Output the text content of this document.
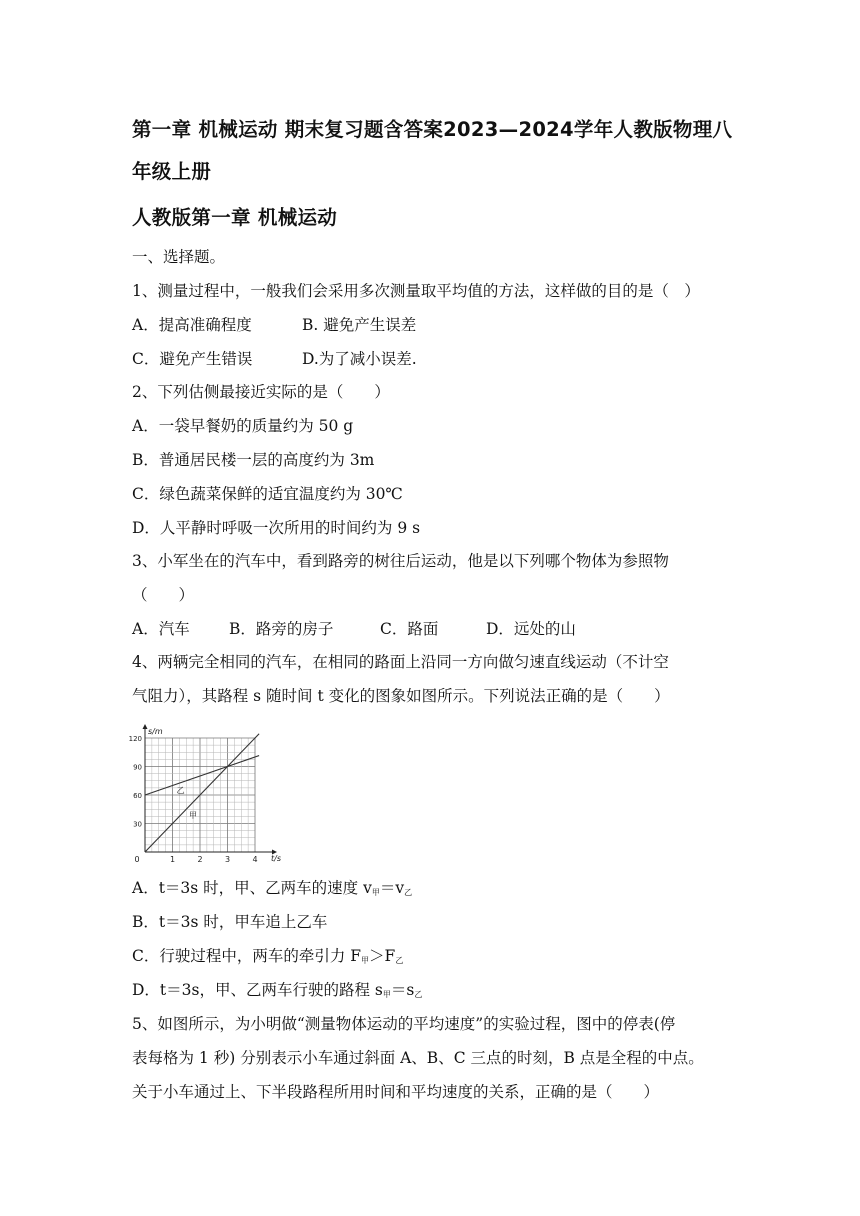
第一章 机械运动 期末复习题含答案2023—2024学年人教版物理八
年级上册
人教版第一章 机械运动
一、选择题。
1、测量过程中，一般我们会采用多次测量取平均值的方法，这样做的目的是（　）
A．提高准确程度	B. 避免产生误差
C．避免产生错误	D.为了减小误差.
2、下列估侧最接近实际的是（　　）
A．一袋早餐奶的质量约为 50 g
B．普通居民楼一层的高度约为 3m
C．绿色蔬菜保鲜的适宜温度约为 30℃
D．人平静时呼吸一次所用的时间约为 9 s
3、小军坐在的汽车中，看到路旁的树往后运动，他是以下列哪个物体为参照物
（　　）
A．汽车	B．路旁的房子	C．路面	D．远处的山
4、两辆完全相同的汽车，在相同的路面上沿同一方向做匀速直线运动（不计空
气阻力），其路程 s 随时间 t 变化的图象如图所示。下列说法正确的是（　　）
0	1	2	3	4
30
60
90
120
t/s
s/m
乙
甲
A．t＝3s 时，甲、乙两车的速度 $v_甲=v_乙$
B．t＝3s 时，甲车追上乙车
C．行驶过程中，两车的牵引力 $F_甲>F_乙$
D．t＝3s，甲、乙两车行驶的路程 $s_甲=s_乙$
5、如图所示，为小明做“测量物体运动的平均速度”的实验过程，图中的停表(停
表每格为 1 秒) 分别表示小车通过斜面 A、B、C 三点的时刻，B 点是全程的中点。
关于小车通过上、下半段路程所用时间和平均速度的关系，正确的是（　　）
